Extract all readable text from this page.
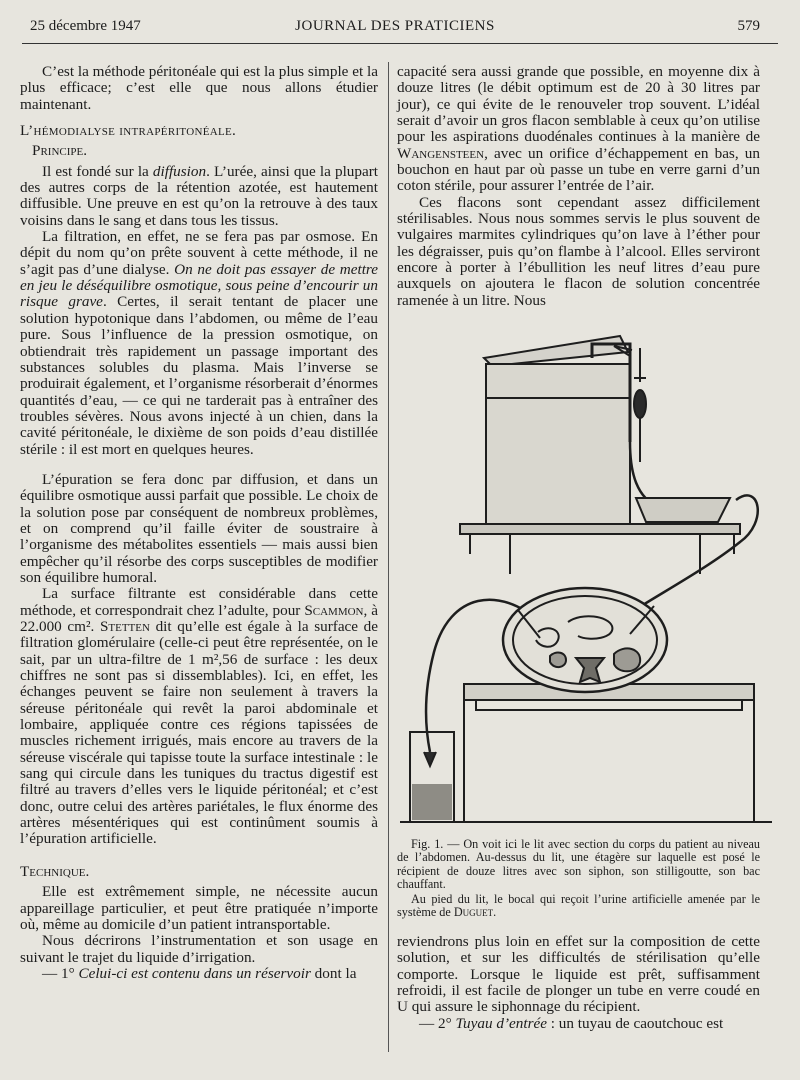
25 décembre 1947	JOURNAL DES PRATICIENS	579

C’est la méthode péritonéale qui est la plus simple et la plus efficace; c’est elle que nous allons étudier maintenant.

L’hémodialyse intrapéritonéale.

Principe.

Il est fondé sur la diffusion. L’urée, ainsi que la plupart des autres corps de la rétention azotée, est hautement diffusible. Une preuve en est qu’on la retrouve à des taux voisins dans le sang et dans tous les tissus.

La filtration, en effet, ne se fera pas par osmose. En dépit du nom qu’on prête souvent à cette méthode, il ne s’agit pas d’une dialyse. On ne doit pas essayer de mettre en jeu le déséquilibre osmotique, sous peine d’encourir un risque grave. Certes, il serait tentant de placer une solution hypotonique dans l’abdomen, ou même de l’eau pure. Sous l’influence de la pression osmotique, on obtiendrait très rapidement un passage important des substances solubles du plasma. Mais l’inverse se produirait également, et l’organisme résorberait d’énormes quantités d’eau, — ce qui ne tarderait pas à entraîner des troubles sévères. Nous avons injecté à un chien, dans la cavité péritonéale, le dixième de son poids d’eau distillée stérile : il est mort en quelques heures.

L’épuration se fera donc par diffusion, et dans un équilibre osmotique aussi parfait que possible. Le choix de la solution pose par conséquent de nombreux problèmes, et on comprend qu’il faille éviter de soustraire à l’organisme des métabolites essentiels — mais aussi bien empêcher qu’il résorbe des corps susceptibles de modifier son équilibre humoral.

La surface filtrante est considérable dans cette méthode, et correspondrait chez l’adulte, pour Scammon, à 22.000 cm². Stetten dit qu’elle est égale à la surface de filtration glomérulaire (celle-ci peut être représentée, on le sait, par un ultra-filtre de 1 m²,56 de surface : les deux chiffres ne sont pas si dissemblables). Ici, en effet, les échanges peuvent se faire non seulement à travers la séreuse péritonéale qui revêt la paroi abdominale et lombaire, appliquée contre ces régions tapissées de muscles richement irrigués, mais encore au travers de la séreuse viscérale qui tapisse toute la surface intestinale : le sang qui circule dans les tuniques du tractus digestif est filtré au travers d’elles vers le liquide péritonéal; et c’est donc, outre celui des artères pariétales, le flux énorme des artères mésentériques qui est continûment soumis à l’épuration artificielle.

Technique.

Elle est extrêmement simple, ne nécessite aucun appareillage particulier, et peut être pratiquée n’importe où, même au domicile d’un patient intransportable.

Nous décrirons l’instrumentation et son usage en suivant le trajet du liquide d’irrigation.

— 1° Celui-ci est contenu dans un réservoir dont la

capacité sera aussi grande que possible, en moyenne dix à douze litres (le débit optimum est de 20 à 30 litres par jour), ce qui évite de le renouveler trop souvent. L’idéal serait d’avoir un gros flacon semblable à ceux qu’on utilise pour les aspirations duodénales continues à la manière de Wangensteen, avec un orifice d’échappement en bas, un bouchon en haut par où passe un tube en verre garni d’un coton stérile, pour assurer l’entrée de l’air.

Ces flacons sont cependant assez difficilement stérilisables. Nous nous sommes servis le plus souvent de vulgaires marmites cylindriques qu’on lave à l’éther pour les dégraisser, puis qu’on flambe à l’alcool. Elles serviront encore à porter à l’ébullition les neuf litres d’eau pure auxquels on ajoutera le flacon de solution concentrée ramenée à un litre. Nous

Fig. 1. — On voit ici le lit avec section du corps du patient au niveau de l’abdomen. Au-dessus du lit, une étagère sur laquelle est posé le récipient de douze litres avec son siphon, son stilligoutte, son bac chauffant.

Au pied du lit, le bocal qui reçoit l’urine artificielle amenée par le système de Duguet.

reviendrons plus loin en effet sur la composition de cette solution, et sur les difficultés de stérilisation qu’elle comporte. Lorsque le liquide est prêt, suffisamment refroidi, il est facile de plonger un tube en verre coudé en U qui assure le siphonnage du récipient.

— 2° Tuyau d’entrée : un tuyau de caoutchouc est
